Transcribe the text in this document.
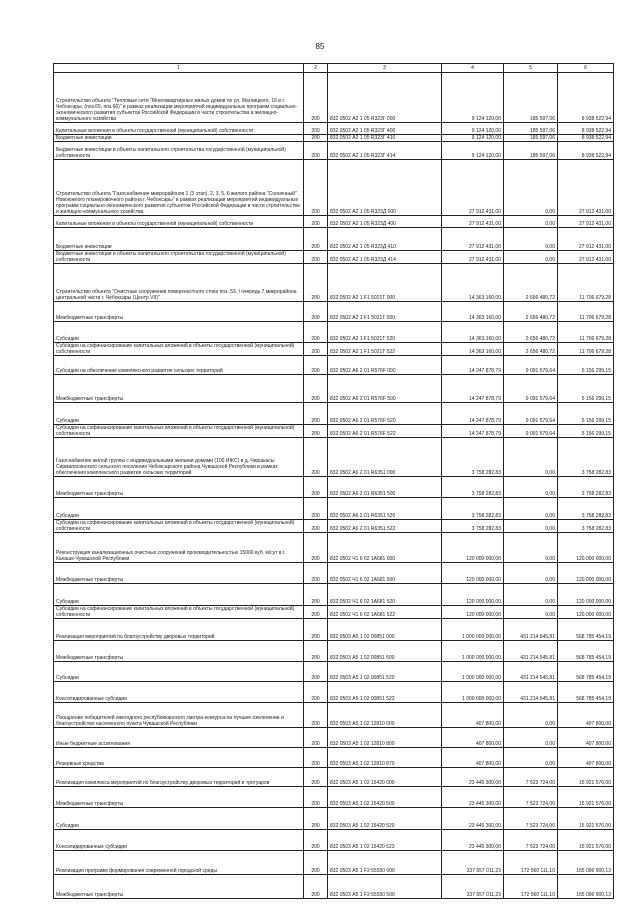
85
1	2	3	4	5	6
Строительство объекта "Тепловые сети "Многоквартирных жилых домов по ул. Магницкого, 16 в г. Чебоксары, (поз.65, поз.66)" в рамках реализации мероприятий индивидуальных программ социально-экономического развития субъектов Российской Федерации в части строительства и жилищно-коммунального хозяйства	200	832 0502 А2 1 05 R323Г 000	9 124 120,00	185 597,06	8 938 522,94
Капитальные вложения в объекты государственной (муниципальной) собственности	200	832 0502 А2 1 05 R323Г 400	9 124 120,00	185 597,06	8 938 522,94
Бюджетные инвестиции	200	832 0502 А2 1 05 R323Г 410	9 124 120,00	185 597,06	8 938 522,94
Бюджетные инвестиции в объекты капитального строительства государственной (муниципальной) собственности	200	832 0502 А2 1 05 R323Г 414	9 124 120,00	185 597,06	8 938 522,94
Строительство объекта "Газоснабжение микрорайонов 1 (3 этап), 2, 3, 5, 6 жилого района "Солнечный" Новоюжного планировочного района г. Чебоксары" в рамках реализации мероприятий индивидуальных программ социально-экономического развития субъектов Российской Федерации в части строительства и жилищно-коммунального хозяйства	200	832 0502 А2 1 05 R323Д 000	27 912 431,00	0,00	27 912 431,00
Капитальные вложения в объекты государственной (муниципальной) собственности	200	832 0502 А2 1 05 R323Д 400	27 912 431,00	0,00	27 912 431,00
Бюджетные инвестиции	200	832 0502 А2 1 05 R323Д 410	27 912 431,00	0,00	27 912 431,00
Бюджетные инвестиции в объекты капитального строительства государственной (муниципальной) собственности	200	832 0502 А2 1 05 R323Д 414	27 912 431,00	0,00	27 912 431,00
Строительство объекта "Очистные сооружения поверхностного стока поз. 53, I очередь 7 микрорайона центральной части г. Чебоксары (Центр VII)"	200	832 0502 А2 1 F1 5021Т 000	14 363 160,00	2 656 480,72	11 706 679,28
Межбюджетные трансферты	200	832 0502 А2 1 F1 5021Т 500	14 363 160,00	2 656 480,72	11 706 679,28
Субсидии	200	832 0502 А2 1 F1 5021Т 520	14 363 160,00	2 656 480,72	11 706 679,28
Субсидии на софинансирование капитальных вложений в объекты государственной (муниципальной) собственности	200	832 0502 А2 1 F1 5021Т 522	14 363 160,00	2 656 480,72	11 706 679,28
Субсидии на обеспечение комплексного развития сельских территорий	200	832 0502 А6 2 01 R576F 000	14 247 878,79	9 091 579,64	5 156 299,15
Межбюджетные трансферты	200	832 0502 А6 2 01 R576F 500	14 247 878,79	9 091 579,64	5 156 299,15
Субсидии	200	832 0502 А6 2 01 R576F 520	14 247 878,79	9 091 579,64	5 156 299,15
Субсидии на софинансирование капитальных вложений в объекты государственной (муниципальной) собственности	200	832 0502 А6 2 01 R576F 522	14 247 878,79	9 091 579,64	5 156 299,15
Газоснабжение жилой группы с индивидуальными жилыми домами (100 ИЖС) в д. Чиршкасы Сирмапосинского сельского поселения Чебоксарского района Чувашской Республики в рамках обеспечения комплексного развития сельских территорий	200	832 0502 А6 2 01 R6351 000	3 758 282,83	0,00	3 758 282,83
Межбюджетные трансферты	200	832 0502 А6 2 01 R6351 500	3 758 282,83	0,00	3 758 282,83
Субсидии	200	832 0502 А6 2 01 R6351 520	3 758 282,83	0,00	3 758 282,83
Субсидии на софинансирование капитальных вложений в объекты государственной (муниципальной) собственности	200	832 0502 А6 2 01 R6351 522	3 758 282,83	0,00	3 758 282,83
Реконструкция канализационных очистных сооружений производительностью 15000 куб. м/сут в г. Канаше Чувашской Республики	200	832 0502 Ч1 6 02 1А681 000	120 000 000,00	0,00	120 000 000,00
Межбюджетные трансферты	200	832 0502 Ч1 6 02 1А681 500	120 000 000,00	0,00	120 000 000,00
Субсидии	200	832 0502 Ч1 6 02 1А681 520	120 000 000,00	0,00	120 000 000,00
Субсидии на софинансирование капитальных вложений в объекты государственной (муниципальной) собственности	200	832 0502 Ч1 6 02 1А681 522	120 000 000,00	0,00	120 000 000,00
Реализация мероприятий по благоустройству дворовых территорий	200	832 0503 А5 1 02 00851 000	1 000 000 000,00	431 214 545,81	568 785 454,19
Межбюджетные трансферты	200	832 0503 А5 1 02 00851 500	1 000 000 000,00	431 214 545,81	568 785 454,19
Субсидии	200	832 0503 А5 1 02 00851 520	1 000 000 000,00	431 214 545,81	568 785 454,19
Консолидированные субсидии	200	832 0503 А5 1 02 00851 523	1 000 000 000,00	431 214 545,81	568 785 454,19
Поощрение победителей ежегодного республиканского смотра-конкурса на лучшее озеленение и благоустройство населенного пункта Чувашской Республики	200	832 0503 А5 1 02 12810 000	407 800,00	0,00	407 800,00
Иные бюджетные ассигнования	200	832 0503 А5 1 02 12810 800	407 800,00	0,00	407 800,00
Резервные средства	200	832 0503 А5 1 02 12810 870	407 800,00	0,00	407 800,00
Реализация комплекса мероприятий по благоустройству дворовых территорий и тротуаров	200	832 0503 А5 1 02 15420 000	23 445 300,00	7 523 724,00	15 921 576,00
Межбюджетные трансферты	200	832 0503 А5 1 02 15420 500	23 445 300,00	7 523 724,00	15 921 576,00
Субсидии	200	832 0503 А5 1 02 15420 520	23 445 300,00	7 523 724,00	15 921 576,00
Консолидированные субсидии	200	832 0503 А5 1 02 15420 523	23 445 300,00	7 523 724,00	15 921 576,00
Реализация программ формирования современной городской среды	200	832 0503 А5 1 F2 55550 000	337 657 011,23	172 560 111,10	165 096 900,13
Межбюджетные трансферты	200	832 0503 А5 1 F2 55550 500	337 657 011,23	172 560 111,10	165 096 900,13
